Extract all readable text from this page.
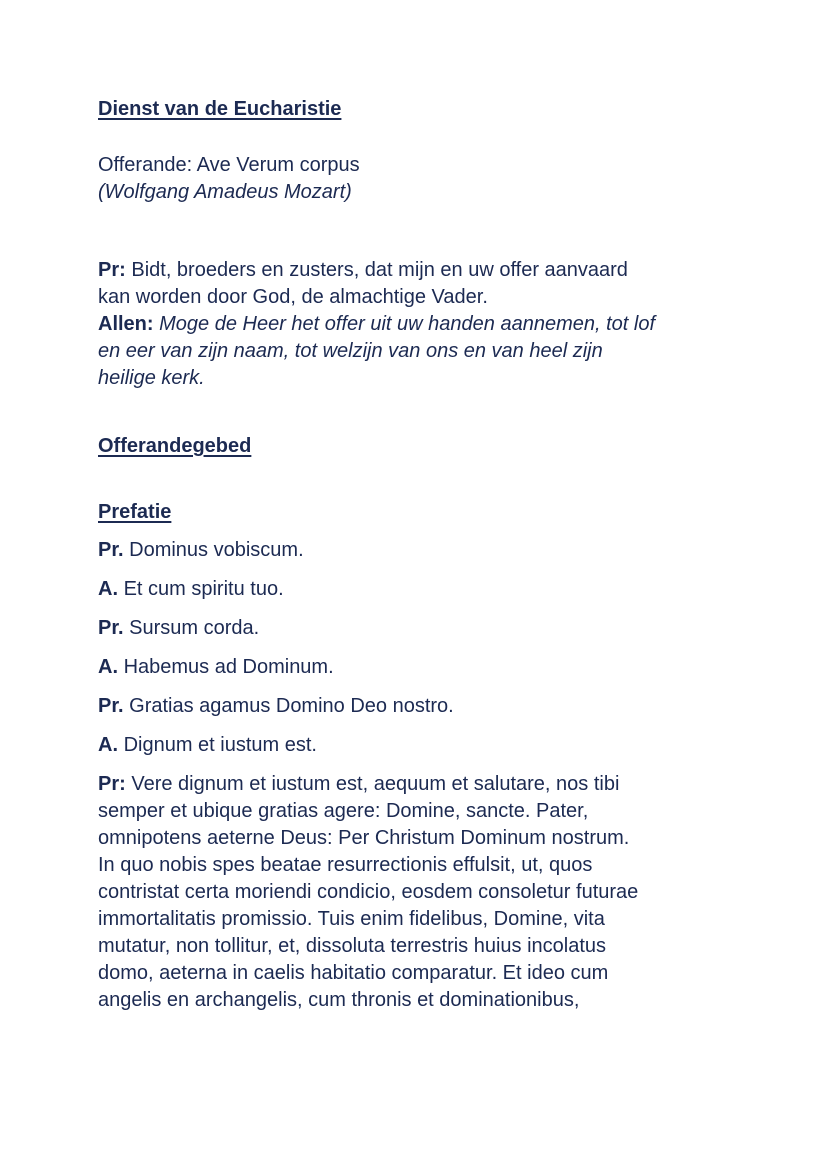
Dienst van de Eucharistie

Offerande: Ave Verum corpus

(Wolfgang Amadeus Mozart)

Pr: Bidt, broeders en zusters, dat mijn en uw offer aanvaard

kan worden door God, de almachtige Vader.

Allen: Moge de Heer het offer uit uw handen aannemen, tot lof

en eer van zijn naam, tot welzijn van ons en van heel zijn

heilige kerk.

Offerandegebed

Prefatie

Pr. Dominus vobiscum.

A. Et cum spiritu tuo.

Pr. Sursum corda.

A. Habemus ad Dominum.

Pr. Gratias agamus Domino Deo nostro.

A. Dignum et iustum est.

Pr: Vere dignum et iustum est, aequum et salutare, nos tibi

semper et ubique gratias agere: Domine, sancte. Pater,

omnipotens aeterne Deus: Per Christum Dominum nostrum.

In quo nobis spes beatae resurrectionis effulsit, ut, quos

contristat certa moriendi condicio, eosdem consoletur futurae

immortalitatis promissio. Tuis enim fidelibus, Domine, vita

mutatur, non tollitur, et, dissoluta terrestris huius incolatus

domo, aeterna in caelis habitatio comparatur. Et ideo cum

angelis en archangelis, cum thronis et dominationibus,
